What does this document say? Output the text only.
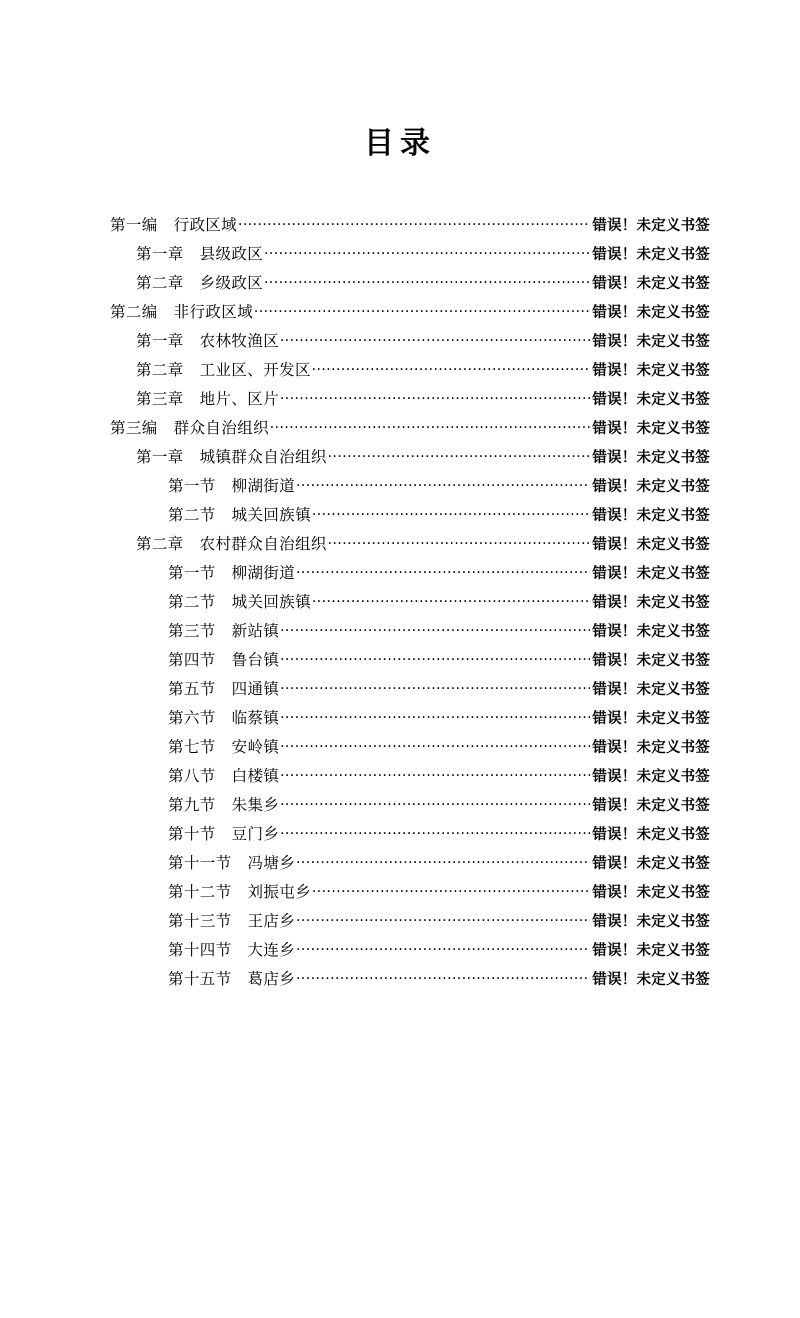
目录
第一编　行政区域 .....	错误！未定义书签
第一章　县级政区 .....	错误！未定义书签
第二章　乡级政区 .....	错误！未定义书签
第二编　非行政区域 .....	错误！未定义书签
第一章　农林牧渔区 .....	错误！未定义书签
第二章　工业区、开发区 .....	错误！未定义书签
第三章　地片、区片 .....	错误！未定义书签
第三编　群众自治组织 .....	错误！未定义书签
第一章　城镇群众自治组织 .....	错误！未定义书签
第一节　柳湖街道 .....	错误！未定义书签
第二节　城关回族镇 .....	错误！未定义书签
第二章　农村群众自治组织 .....	错误！未定义书签
第一节　柳湖街道 .....	错误！未定义书签
第二节　城关回族镇 .....	错误！未定义书签
第三节　新站镇 .....	错误！未定义书签
第四节　鲁台镇 .....	错误！未定义书签
第五节　四通镇 .....	错误！未定义书签
第六节　临蔡镇 .....	错误！未定义书签
第七节　安岭镇 .....	错误！未定义书签
第八节　白楼镇 .....	错误！未定义书签
第九节　朱集乡 .....	错误！未定义书签
第十节　豆门乡 .....	错误！未定义书签
第十一节　冯塘乡 .....	错误！未定义书签
第十二节　刘振屯乡 .....	错误！未定义书签
第十三节　王店乡 .....	错误！未定义书签
第十四节　大连乡 .....	错误！未定义书签
第十五节　葛店乡 .....	错误！未定义书签
